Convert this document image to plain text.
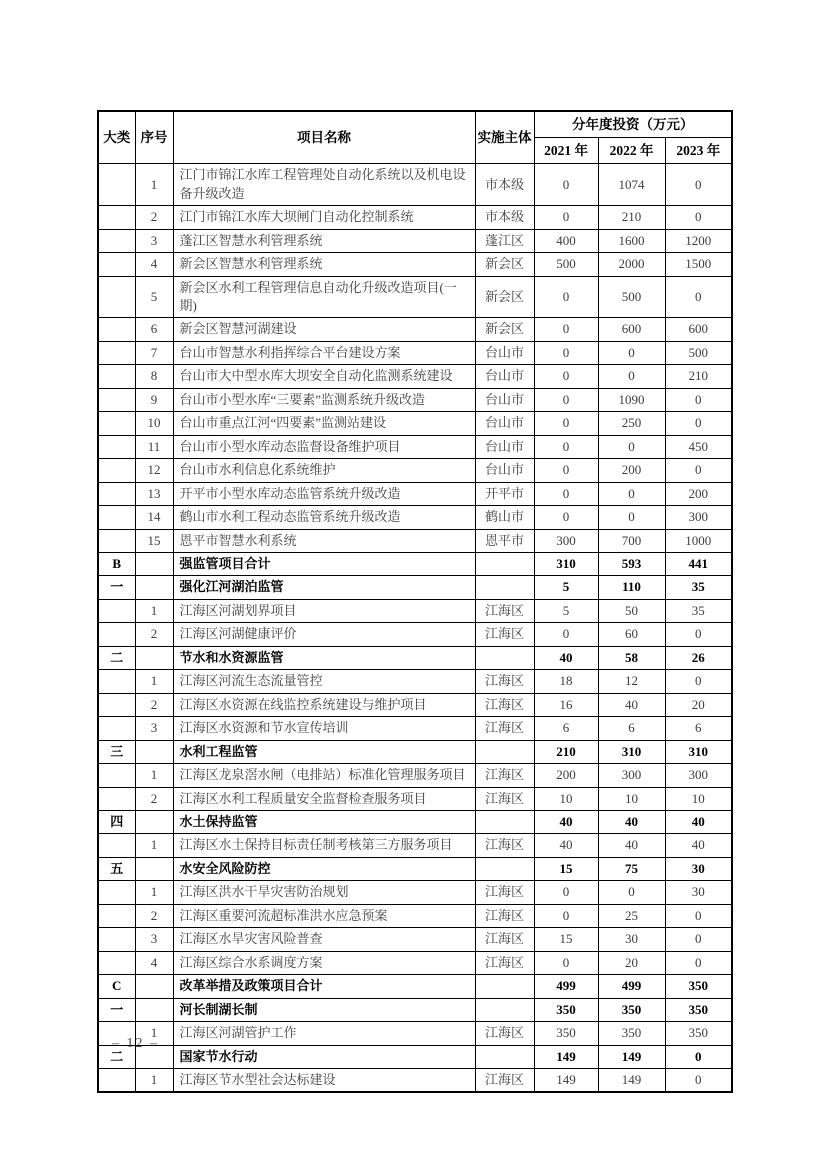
大类	序号	项目名称	实施主体	分年度投资（万元）		
				2021 年	2022 年	2023 年
	1	江门市锦江水库工程管理处自动化系统以及机电设备升级改造	市本级	0	1074	0
	2	江门市锦江水库大坝闸门自动化控制系统	市本级	0	210	0
	3	蓬江区智慧水利管理系统	蓬江区	400	1600	1200
	4	新会区智慧水利管理系统	新会区	500	2000	1500
	5	新会区水利工程管理信息自动化升级改造项目(一期)	新会区	0	500	0
	6	新会区智慧河湖建设	新会区	0	600	600
	7	台山市智慧水利指挥综合平台建设方案	台山市	0	0	500
	8	台山市大中型水库大坝安全自动化监测系统建设	台山市	0	0	210
	9	台山市小型水库“三要素”监测系统升级改造	台山市	0	1090	0
	10	台山市重点江河“四要素”监测站建设	台山市	0	250	0
	11	台山市小型水库动态监督设备维护项目	台山市	0	0	450
	12	台山市水利信息化系统维护	台山市	0	200	0
	13	开平市小型水库动态监管系统升级改造	开平市	0	0	200
	14	鹤山市水利工程动态监管系统升级改造	鹤山市	0	0	300
	15	恩平市智慧水利系统	恩平市	300	700	1000
B		强监管项目合计		310	593	441
一		强化江河湖泊监管		5	110	35
	1	江海区河湖划界项目	江海区	5	50	35
	2	江海区河湖健康评价	江海区	0	60	0
二		节水和水资源监管		40	58	26
	1	江海区河流生态流量管控	江海区	18	12	0
	2	江海区水资源在线监控系统建设与维护项目	江海区	16	40	20
	3	江海区水资源和节水宣传培训	江海区	6	6	6
三		水利工程监管		210	310	310
	1	江海区龙泉滘水闸（电排站）标准化管理服务项目	江海区	200	300	300
	2	江海区水利工程质量安全监督检查服务项目	江海区	10	10	10
四		水土保持监管		40	40	40
	1	江海区水土保持目标责任制考核第三方服务项目	江海区	40	40	40
五		水安全风险防控		15	75	30
	1	江海区洪水干旱灾害防治规划	江海区	0	0	30
	2	江海区重要河流超标准洪水应急预案	江海区	0	25	0
	3	江海区水旱灾害风险普查	江海区	15	30	0
	4	江海区综合水系调度方案	江海区	0	20	0
C		改革举措及政策项目合计		499	499	350
一		河长制湖长制		350	350	350
	1	江海区河湖管护工作	江海区	350	350	350
二		国家节水行动		149	149	0
	1	江海区节水型社会达标建设	江海区	149	149	0
– 12 –
